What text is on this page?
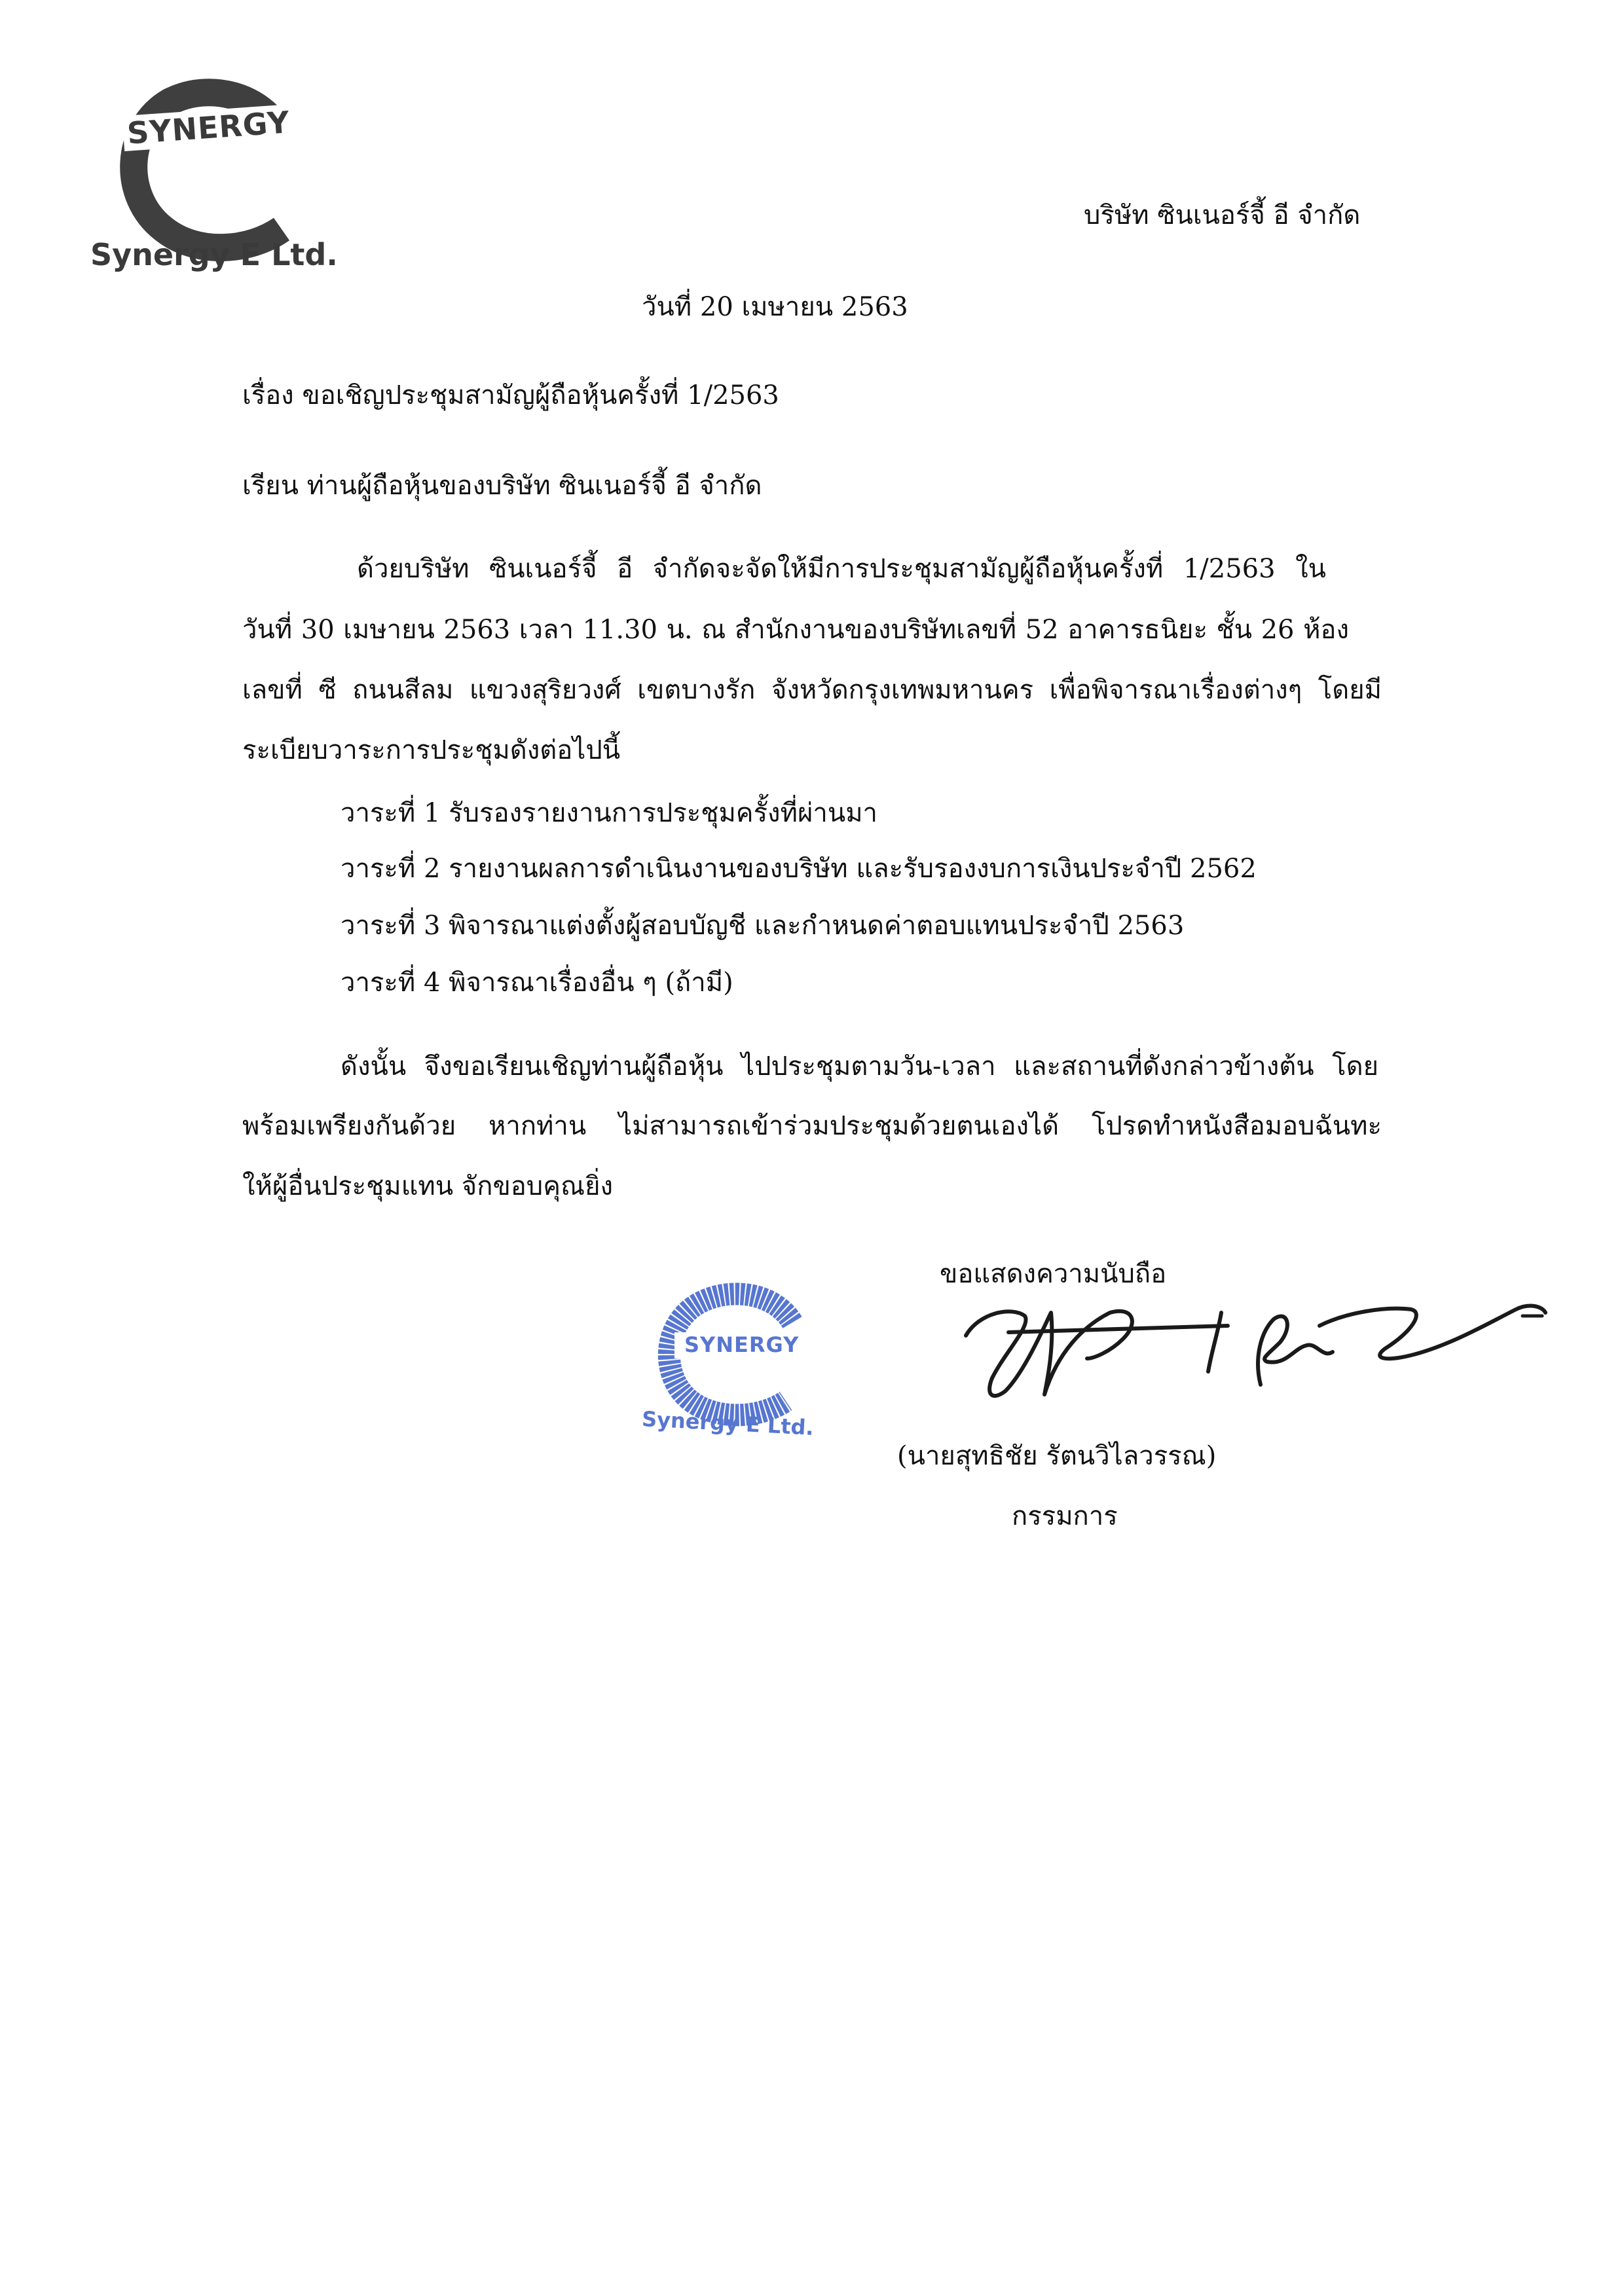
SYNERGY
Synergy E Ltd.
บริษัท ซินเนอร์จี้ อี จำกัด
วันที่ 20 เมษายน 2563
เรื่อง ขอเชิญประชุมสามัญผู้ถือหุ้นครั้งที่ 1/2563
เรียน ท่านผู้ถือหุ้นของบริษัท ซินเนอร์จี้ อี จำกัด
ด้วยบริษัท ซินเนอร์จี้ อี จำกัดจะจัดให้มีการประชุมสามัญผู้ถือหุ้นครั้งที่ 1/2563 ใน
วันที่ 30 เมษายน 2563 เวลา 11.30 น. ณ สำนักงานของบริษัทเลขที่ 52 อาคารธนิยะ ชั้น 26 ห้อง
เลขที่ ซี ถนนสีลม แขวงสุริยวงศ์ เขตบางรัก จังหวัดกรุงเทพมหานคร เพื่อพิจารณาเรื่องต่างๆ โดยมี
ระเบียบวาระการประชุมดังต่อไปนี้
วาระที่ 1 รับรองรายงานการประชุมครั้งที่ผ่านมา
วาระที่ 2 รายงานผลการดำเนินงานของบริษัท และรับรองงบการเงินประจำปี 2562
วาระที่ 3 พิจารณาแต่งตั้งผู้สอบบัญชี และกำหนดค่าตอบแทนประจำปี 2563
วาระที่ 4 พิจารณาเรื่องอื่น ๆ (ถ้ามี)
ดังนั้น จึงขอเรียนเชิญท่านผู้ถือหุ้น ไปประชุมตามวัน-เวลา และสถานที่ดังกล่าวข้างต้น โดย
พร้อมเพรียงกันด้วย หากท่าน ไม่สามารถเข้าร่วมประชุมด้วยตนเองได้ โปรดทำหนังสือมอบฉันทะ
ให้ผู้อื่นประชุมแทน จักขอบคุณยิ่ง
ขอแสดงความนับถือ
SYNERGY
Synergy E Ltd.
(นายสุทธิชัย รัตนวิไลวรรณ)
กรรมการ
